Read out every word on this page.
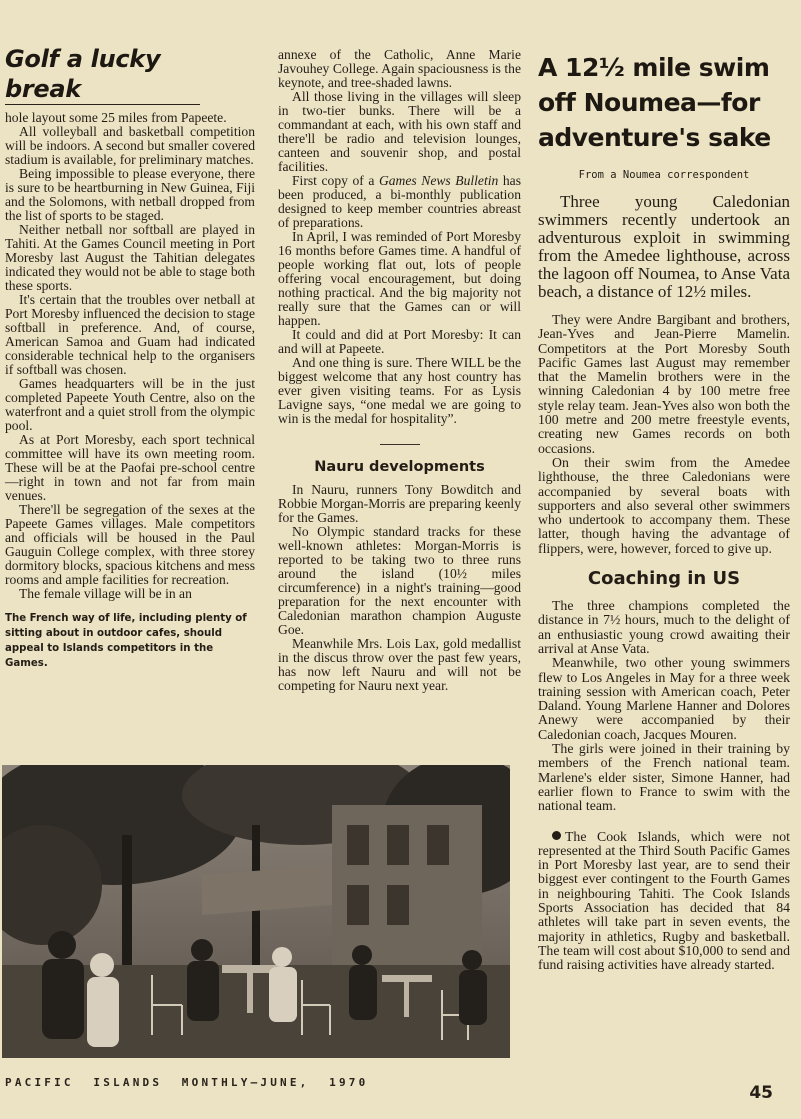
Golf a lucky break

hole layout some 25 miles from Papeete.

All volleyball and basketball competition will be indoors. A second but smaller covered stadium is available, for preliminary matches.

Being impossible to please everyone, there is sure to be heartburning in New Guinea, Fiji and the Solomons, with netball dropped from the list of sports to be staged.

Neither netball nor softball are played in Tahiti. At the Games Council meeting in Port Moresby last August the Tahitian delegates indicated they would not be able to stage both these sports.

It's certain that the troubles over netball at Port Moresby influenced the decision to stage softball in preference. And, of course, American Samoa and Guam had indicated considerable technical help to the organisers if softball was chosen.

Games headquarters will be in the just completed Papeete Youth Centre, also on the waterfront and a quiet stroll from the olympic pool.

As at Port Moresby, each sport technical committee will have its own meeting room. These will be at the Paofai pre-school centre—right in town and not far from main venues.

There'll be segregation of the sexes at the Papeete Games villages. Male competitors and officials will be housed in the Paul Gauguin College complex, with three storey dormitory blocks, spacious kitchens and mess rooms and ample facilities for recreation.

The female village will be in an

The French way of life, including plenty of sitting about in outdoor cafes, should appeal to Islands competitors in the Games.

annexe of the Catholic, Anne Marie Javouhey College. Again spaciousness is the keynote, and tree-shaded lawns.

All those living in the villages will sleep in two-tier bunks. There will be a commandant at each, with his own staff and there'll be radio and television lounges, canteen and souvenir shop, and postal facilities.

First copy of a Games News Bulletin has been produced, a bi-monthly publication designed to keep member countries abreast of preparations.

In April, I was reminded of Port Moresby 16 months before Games time. A handful of people working flat out, lots of people offering vocal encouragement, but doing nothing practical. And the big majority not really sure that the Games can or will happen.

It could and did at Port Moresby: It can and will at Papeete.

And one thing is sure. There WILL be the biggest welcome that any host country has ever given visiting teams. For as Lysis Lavigne says, “one medal we are going to win is the medal for hospitality”.

Nauru developments

In Nauru, runners Tony Bowditch and Robbie Morgan-Morris are preparing keenly for the Games.

No Olympic standard tracks for these well-known athletes: Morgan-Morris is reported to be taking two to three runs around the island (10½ miles circumference) in a night's training—good preparation for the next encounter with Caledonian marathon champion Auguste Goe.

Meanwhile Mrs. Lois Lax, gold medallist in the discus throw over the past few years, has now left Nauru and will not be competing for Nauru next year.

A 12½ mile swim off Noumea—for adventure's sake
From a Noumea correspondent

Three young Caledonian swimmers recently undertook an adventurous exploit in swimming from the Amedee lighthouse, across the lagoon off Noumea, to Anse Vata beach, a distance of 12½ miles.

They were Andre Bargibant and brothers, Jean-Yves and Jean-Pierre Mamelin. Competitors at the Port Moresby South Pacific Games last August may remember that the Mamelin brothers were in the winning Caledonian 4 by 100 metre free style relay team. Jean-Yves also won both the 100 metre and 200 metre freestyle events, creating new Games records on both occasions.

On their swim from the Amedee lighthouse, the three Caledonians were accompanied by several boats with supporters and also several other swimmers who undertook to accompany them. These latter, though having the advantage of flippers, were, however, forced to give up.

Coaching in US

The three champions completed the distance in 7½ hours, much to the delight of an enthusiastic young crowd awaiting their arrival at Anse Vata.

Meanwhile, two other young swimmers flew to Los Angeles in May for a three week training session with American coach, Peter Daland. Young Marlene Hanner and Dolores Anewy were accompanied by their Caledonian coach, Jacques Mouren.

The girls were joined in their training by members of the French national team. Marlene's elder sister, Simone Hanner, had earlier flown to France to swim with the national team.

The Cook Islands, which were not represented at the Third South Pacific Games in Port Moresby last year, are to send their biggest ever contingent to the Fourth Games in neighbouring Tahiti. The Cook Islands Sports Association has decided that 84 athletes will take part in seven events, the majority in athletics, Rugby and basketball. The team will cost about $10,000 to send and fund raising activities have already started.

PACIFIC  ISLANDS  MONTHLY—JUNE,  1970
45
